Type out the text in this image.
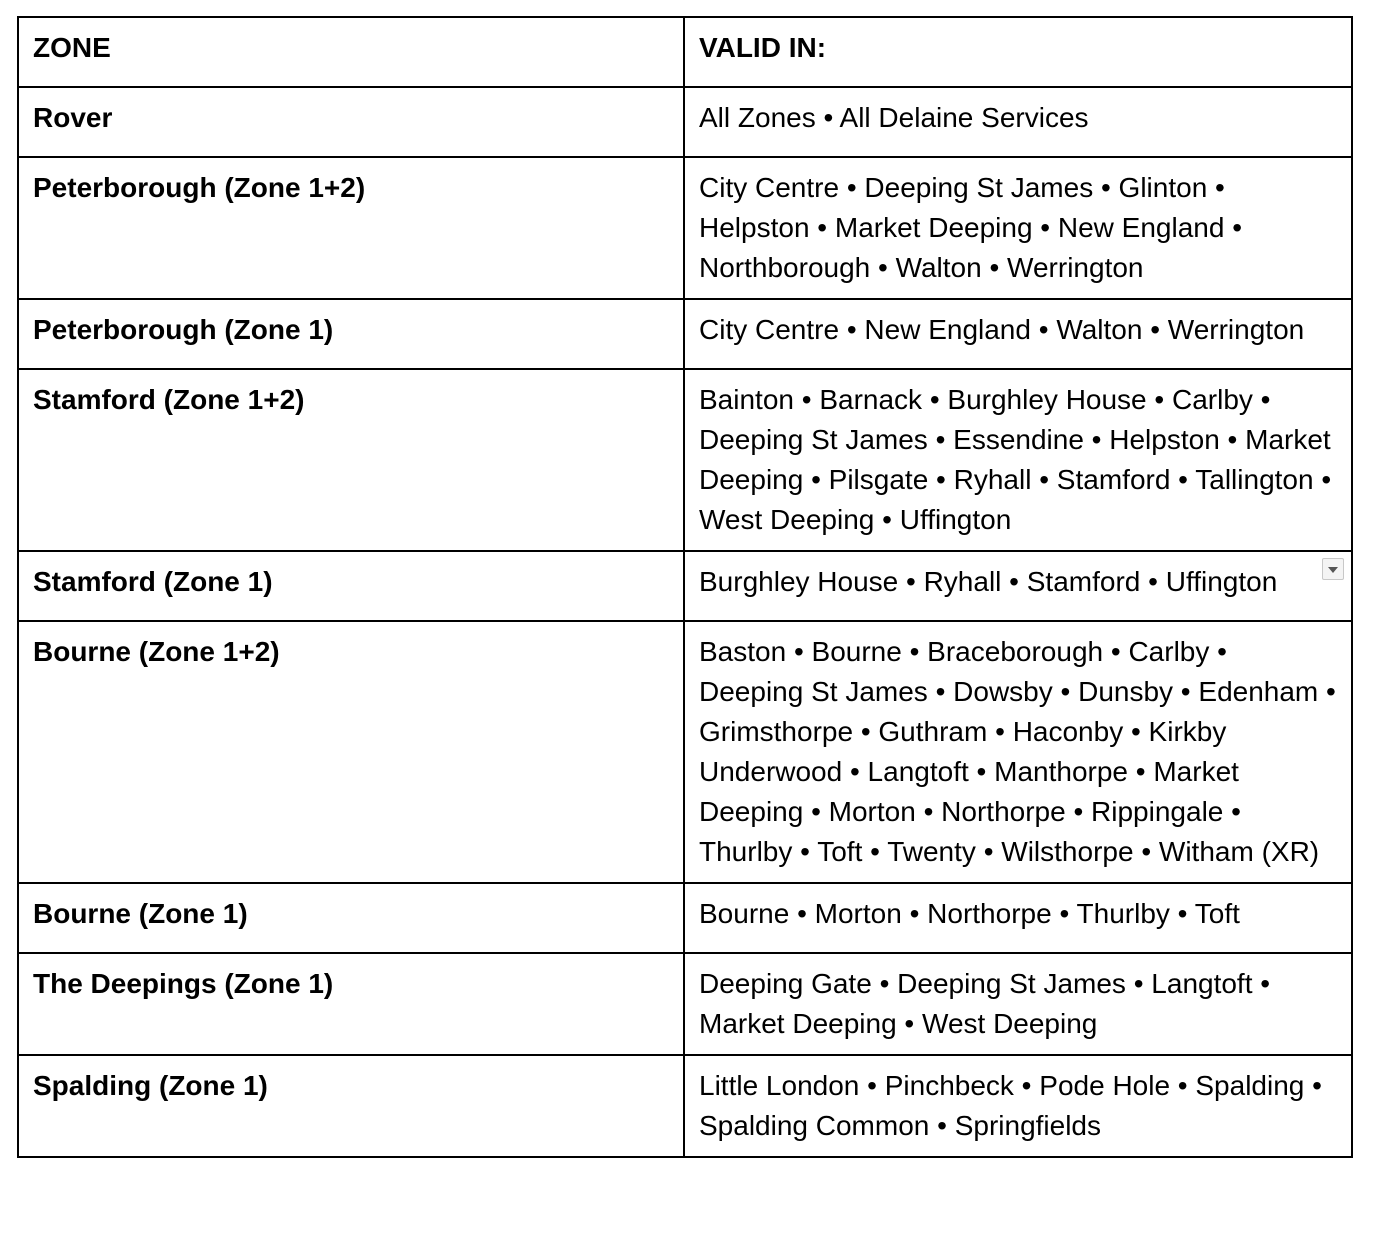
ZONE	VALID IN:
Rover	All Zones • All Delaine Services
Peterborough (Zone 1+2)	City Centre • Deeping St James • Glinton • Helpston • Market Deeping • New England • Northborough • Walton • Werrington
Peterborough (Zone 1)	City Centre • New England • Walton • Werrington
Stamford (Zone 1+2)	Bainton • Barnack • Burghley House • Carlby • Deeping St James • Essendine • Helpston • Market Deeping • Pilsgate • Ryhall • Stamford • Tallington • West Deeping • Uffington
Stamford (Zone 1)	Burghley House • Ryhall • Stamford • Uffington

Bourne (Zone 1+2)	Baston • Bourne • Braceborough • Carlby • Deeping St James • Dowsby • Dunsby • Edenham • Grimsthorpe • Guthram • Haconby • Kirkby Underwood • Langtoft • Manthorpe • Market Deeping • Morton • Northorpe • Rippingale • Thurlby • Toft • Twenty • Wilsthorpe • Witham (XR)
Bourne (Zone 1)	Bourne • Morton • Northorpe • Thurlby • Toft
The Deepings (Zone 1)	Deeping Gate • Deeping St James • Langtoft • Market Deeping • West Deeping
Spalding (Zone 1)	Little London • Pinchbeck • Pode Hole • Spalding • Spalding Common • Springfields
